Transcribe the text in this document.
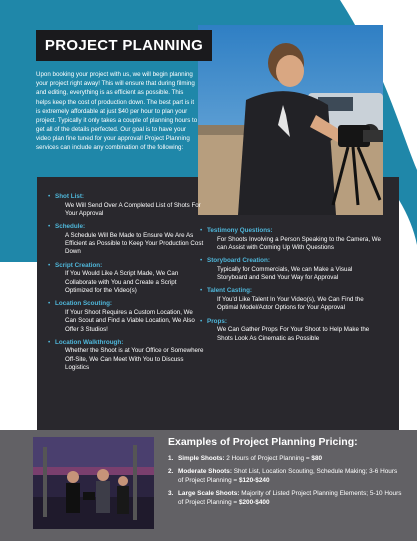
PROJECT PLANNING
Upon booking your project with us, we will begin planning your project right away! This will ensure that during filming and editing, everything is as efficient as possible. This helps keep the cost of production down. The best part is it is extremely affordable at just $40 per hour to plan your project. Typically it only takes a couple of planning hours to get all of the details perfected. Our goal is to have your video plan fine tuned for your approval! Project Planning services can include any combination of the following:
• Shot List:
We Will Send Over A Completed List of Shots For Your Approval
• Schedule:
A Schedule Will Be Made to Ensure We Are As Efficient as Possible to Keep Your Production Cost Down
• Script Creation:
If You Would Like A Script Made, We Can Collaborate with You and Create a Script Optimized for the Video(s)
• Location Scouting:
If Your Shoot Requires a Custom Location, We Can Scout and Find a Viable Location, We Also Offer 3 Studios!
• Location Walkthrough:
Whether the Shoot is at Your Office or Somewhere Off-Site, We Can Meet With You to Discuss Logistics
• Testimony Questions:
For Shoots Involving a Person Speaking to the Camera, We can Assist with Coming Up With Questions
• Storyboard Creation:
Typically for Commercials, We can Make a Visual Storyboard and Send Your Way for Approval
• Talent Casting:
If You'd Like Talent In Your Video(s), We Can Find the Optimal Model/Actor Options for Your Approval
• Props:
We Can Gather Props For Your Shoot to Help Make the Shots Look As Cinematic as Possible
Examples of Project Planning Pricing:
1. Simple Shoots: 2 Hours of Project Planning = $80
2. Moderate Shoots: Shot List, Location Scouting, Schedule Making; 3-6 Hours of Project Planning = $120-$240
3. Large Scale Shoots: Majority of Listed Project Planning Elements; 5-10 Hours of Project Planning = $200-$400
